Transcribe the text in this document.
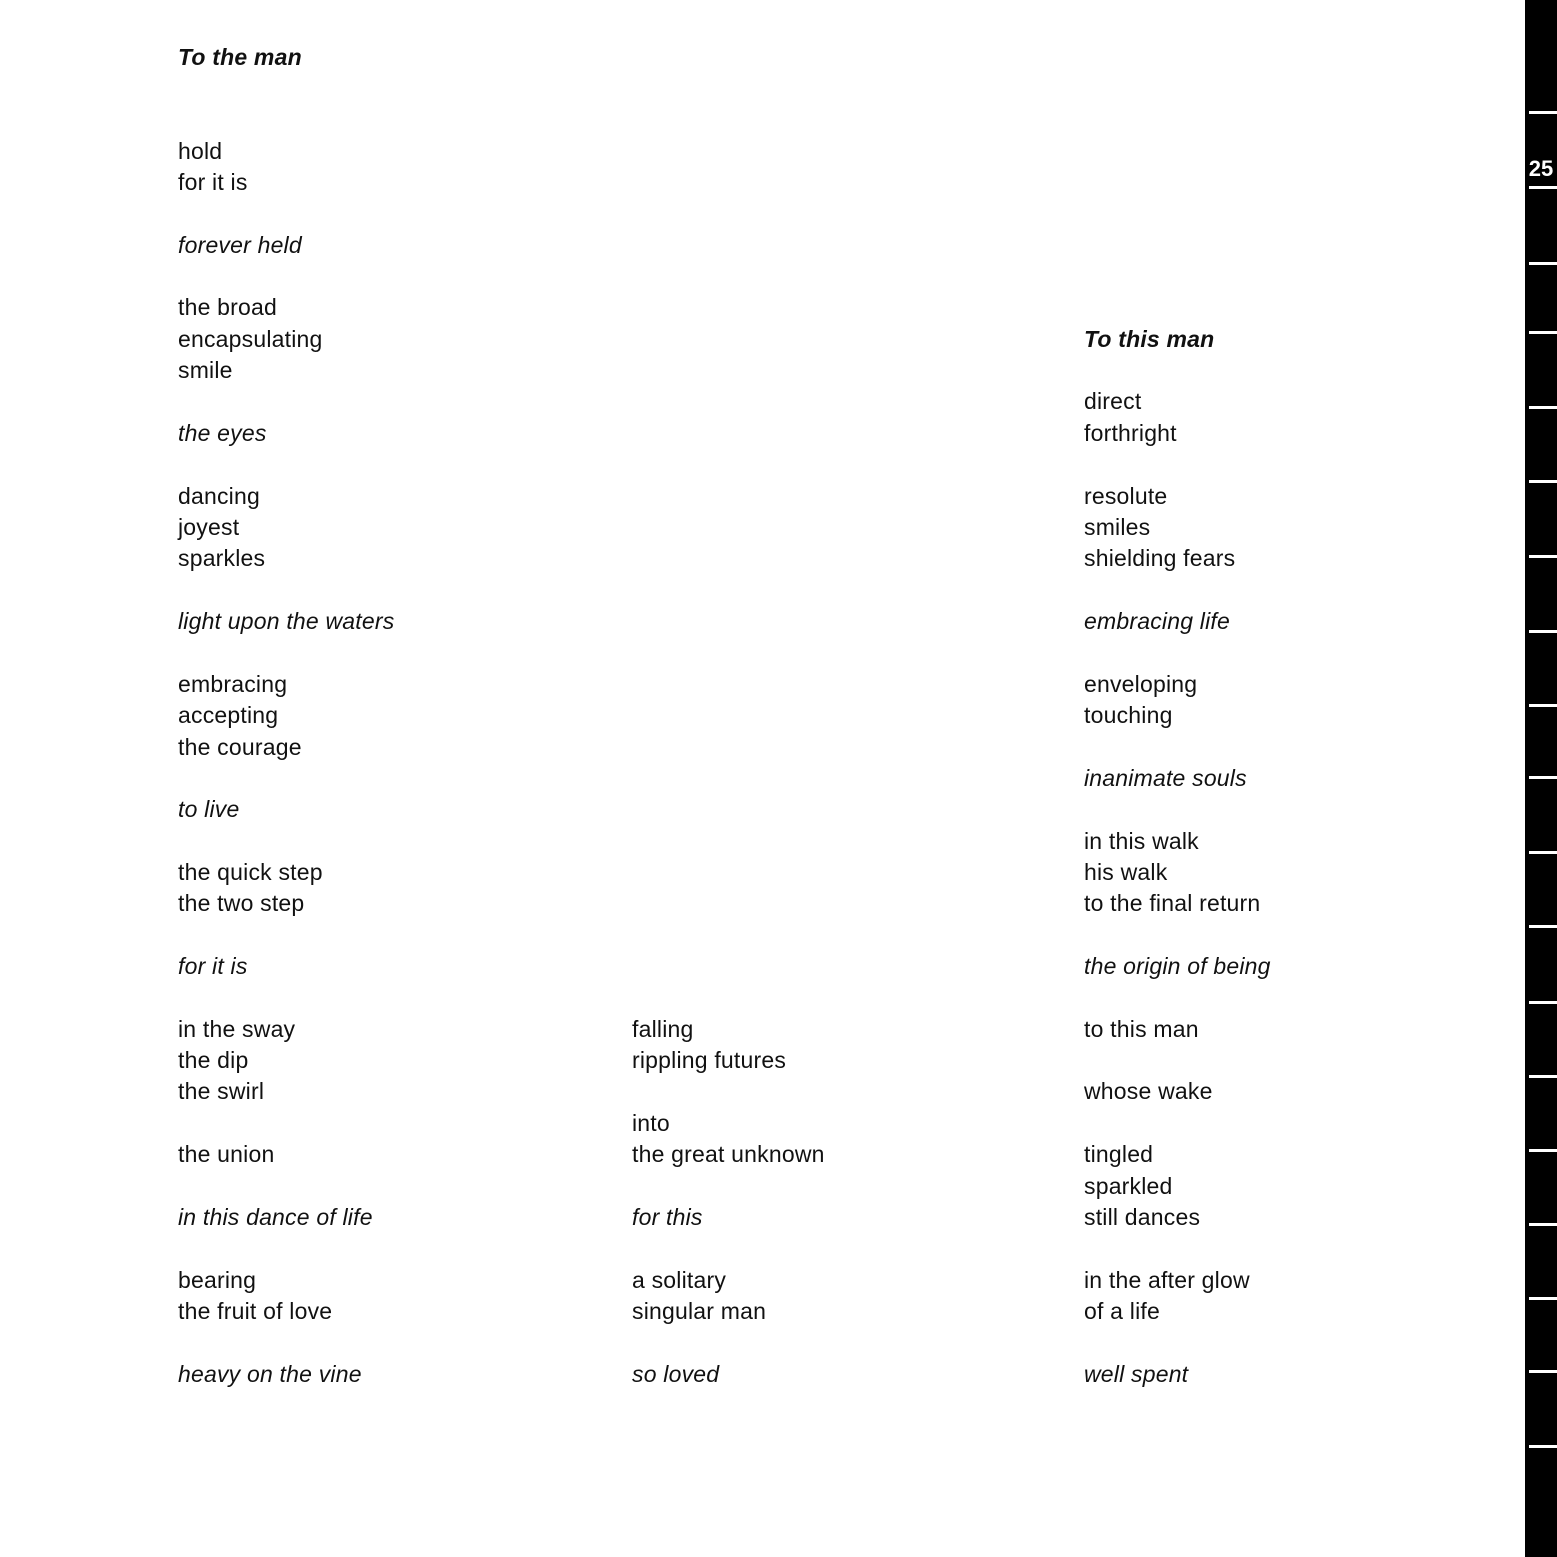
To the man
hold
for it is
forever held
the broad
encapsulating
smile
the eyes
dancing
joyest
sparkles
light upon the waters
embracing
accepting
the courage
to live
the quick step
the two step
for it is
in the sway
the dip
the swirl
the union
in this dance of life
bearing
the fruit of love
heavy on the vine
falling
rippling futures
into
the great unknown
for this
a solitary
singular man
so loved
To this man
direct
forthright
resolute
smiles
shielding fears
embracing life
enveloping
touching
inanimate souls
in this walk
his walk
to the final return
the origin of being
to this man
whose wake
tingled
sparkled
still dances
in the after glow
of a life
well spent
25
